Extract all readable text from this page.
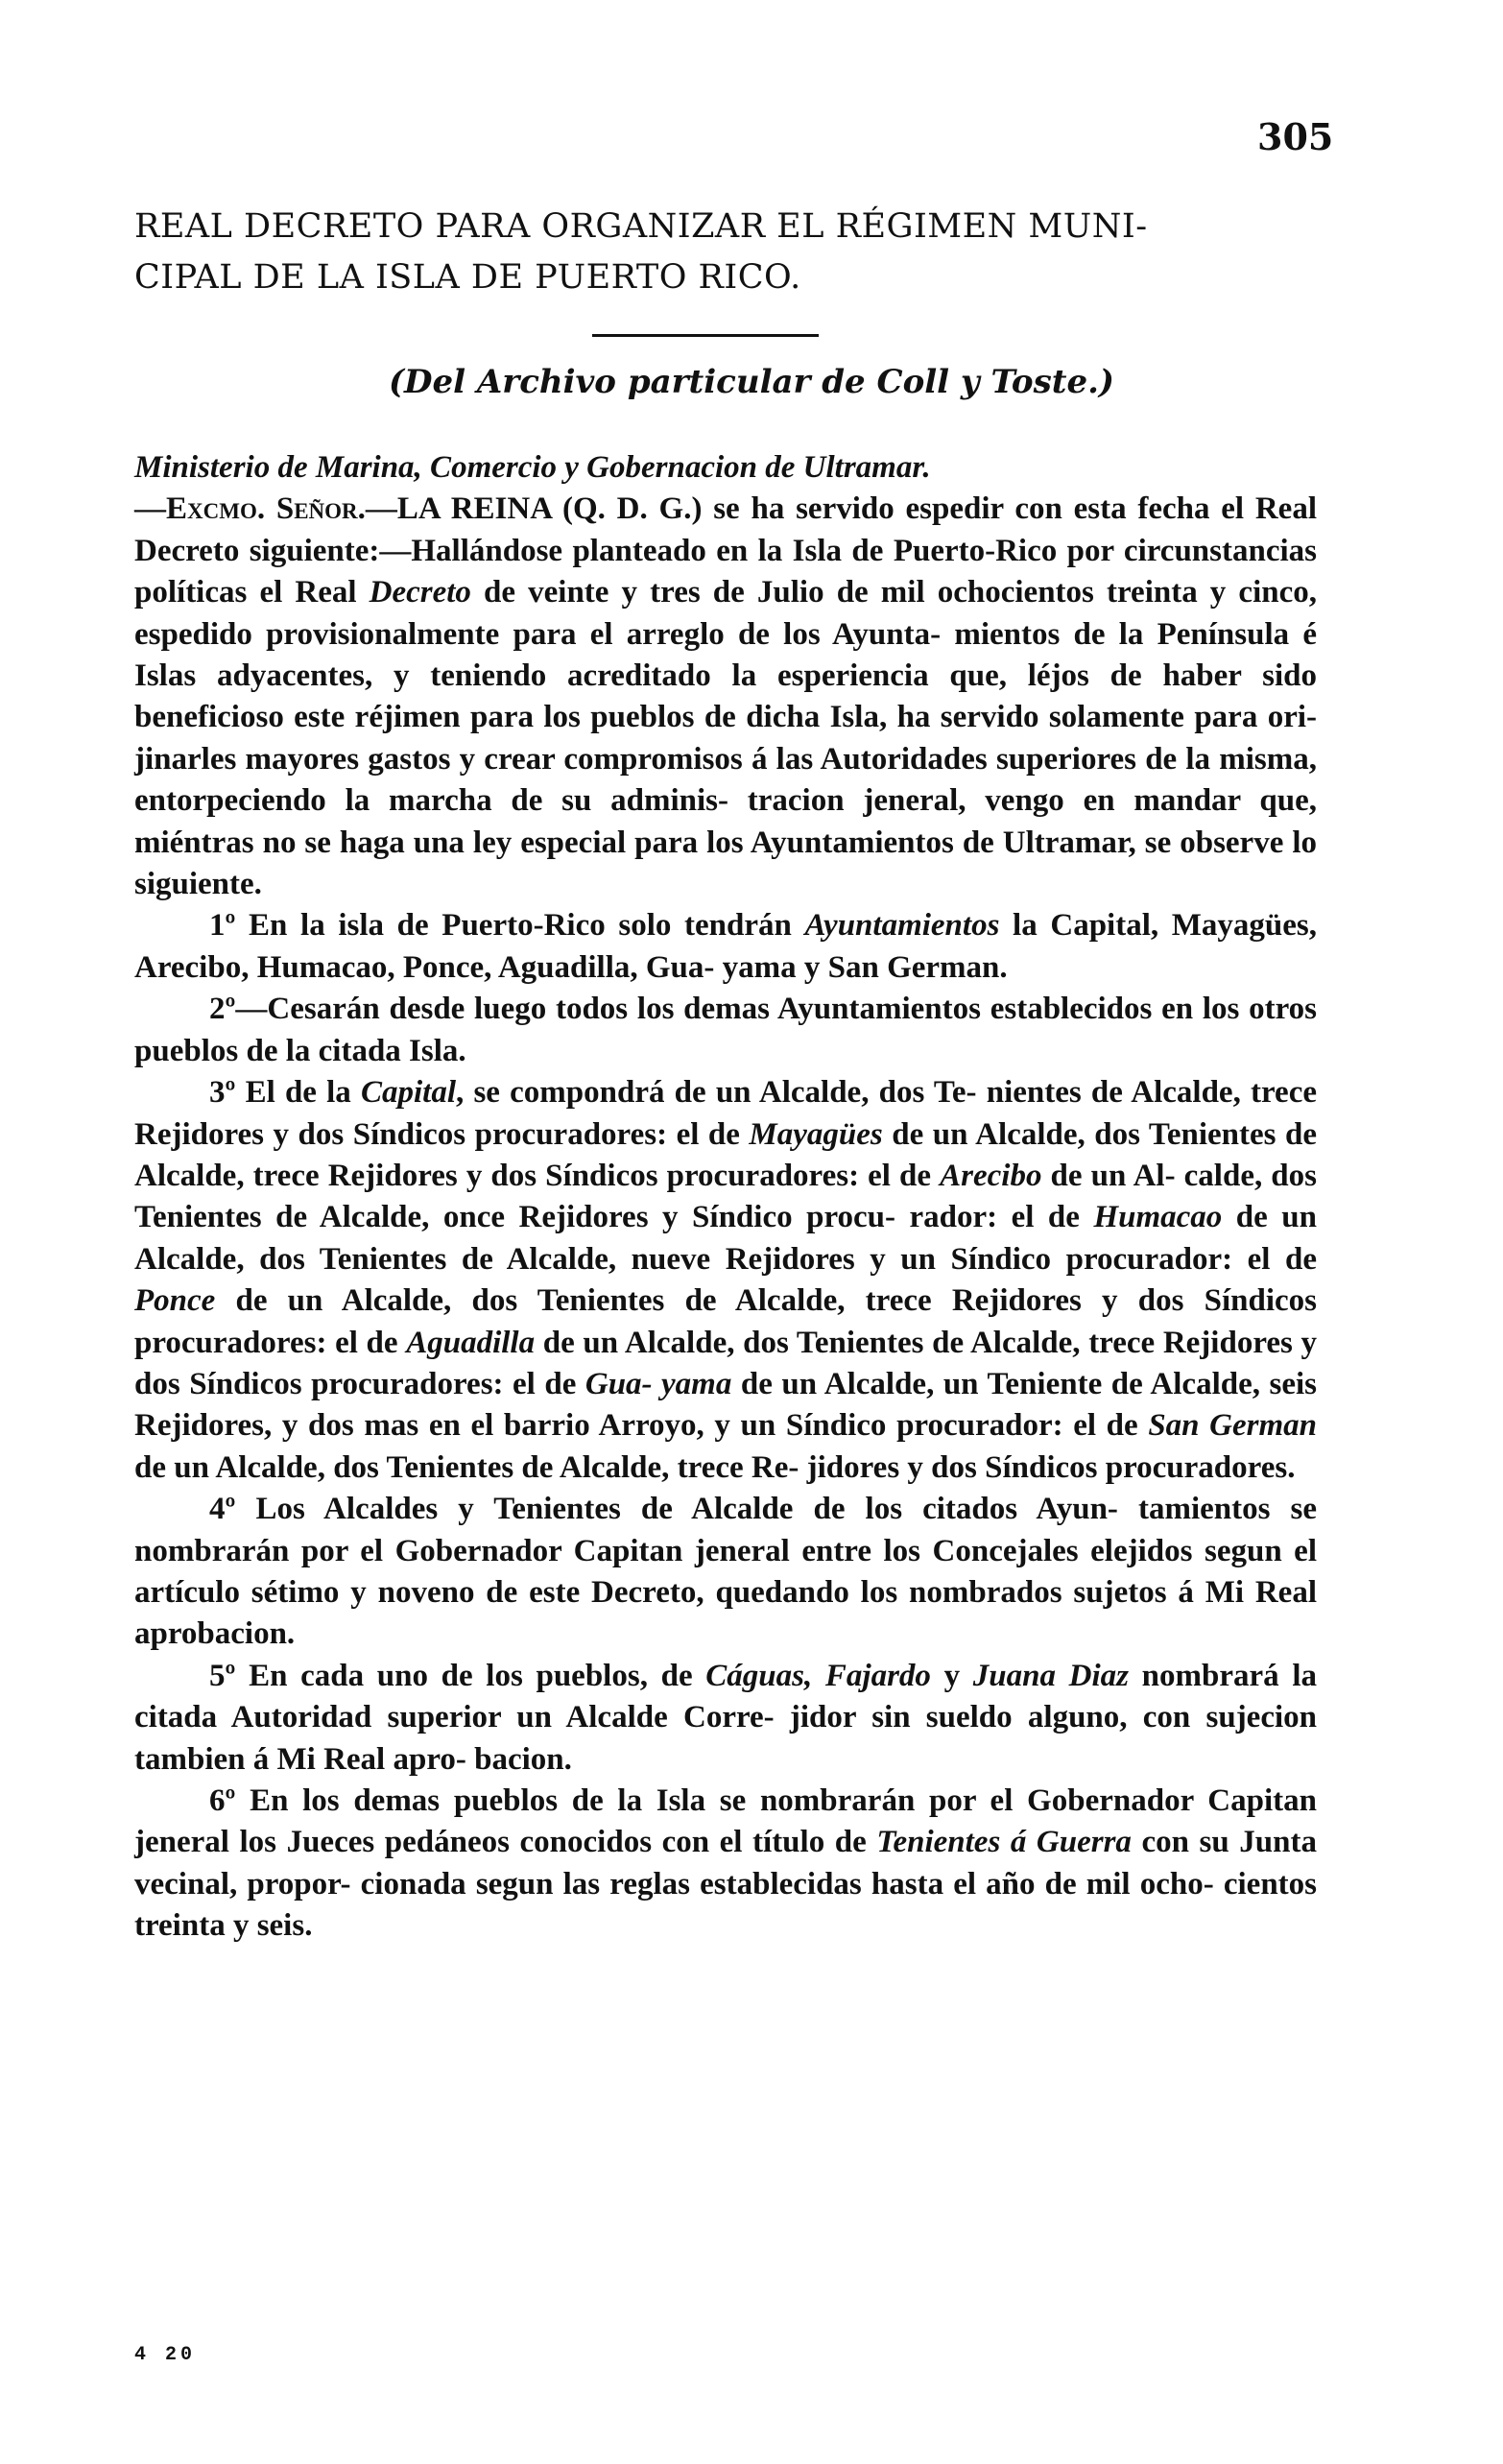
305
REAL DECRETO PARA ORGANIZAR EL RÉGIMEN MUNI-
CIPAL DE LA ISLA DE PUERTO RICO.
(Del Archivo particular de Coll y Toste.)

Ministerio de Marina, Comercio y Gobernacion de Ultramar.
—Excmo. Señor.—LA REINA (Q. D. G.) se ha servido espedir con esta fecha el Real Decreto siguiente:—Hallándose planteado en la Isla de Puerto-Rico por circunstancias políticas el Real Decreto de veinte y tres de Julio de mil ochocientos treinta y cinco, espedido provisionalmente para el arreglo de los Ayunta- mientos de la Península é Islas adyacentes, y teniendo acreditado la esperiencia que, léjos de haber sido beneficioso este réjimen para los pueblos de dicha Isla, ha servido solamente para ori- jinarles mayores gastos y crear compromisos á las Autoridades superiores de la misma, entorpeciendo la marcha de su adminis- tracion jeneral, vengo en mandar que, miéntras no se haga una ley especial para los Ayuntamientos de Ultramar, se observe lo siguiente.

1º En la isla de Puerto-Rico solo tendrán Ayuntamientos la Capital, Mayagües, Arecibo, Humacao, Ponce, Aguadilla, Gua- yama y San German.

2º—Cesarán desde luego todos los demas Ayuntamientos establecidos en los otros pueblos de la citada Isla.

3º El de la Capital, se compondrá de un Alcalde, dos Te- nientes de Alcalde, trece Rejidores y dos Síndicos procuradores: el de Mayagües de un Alcalde, dos Tenientes de Alcalde, trece Rejidores y dos Síndicos procuradores: el de Arecibo de un Al- calde, dos Tenientes de Alcalde, once Rejidores y Síndico procu- rador: el de Humacao de un Alcalde, dos Tenientes de Alcalde, nueve Rejidores y un Síndico procurador: el de Ponce de un Alcalde, dos Tenientes de Alcalde, trece Rejidores y dos Síndicos procuradores: el de Aguadilla de un Alcalde, dos Tenientes de Alcalde, trece Rejidores y dos Síndicos procuradores: el de Gua- yama de un Alcalde, un Teniente de Alcalde, seis Rejidores, y dos mas en el barrio Arroyo, y un Síndico procurador: el de San German de un Alcalde, dos Tenientes de Alcalde, trece Re- jidores y dos Síndicos procuradores.

4º Los Alcaldes y Tenientes de Alcalde de los citados Ayun- tamientos se nombrarán por el Gobernador Capitan jeneral entre los Concejales elejidos segun el artículo sétimo y noveno de este Decreto, quedando los nombrados sujetos á Mi Real aprobacion.

5º En cada uno de los pueblos, de Cáguas, Fajardo y Juana Diaz nombrará la citada Autoridad superior un Alcalde Corre- jidor sin sueldo alguno, con sujecion tambien á Mi Real apro- bacion.

6º En los demas pueblos de la Isla se nombrarán por el Gobernador Capitan jeneral los Jueces pedáneos conocidos con el título de Tenientes á Guerra con su Junta vecinal, propor- cionada segun las reglas establecidas hasta el año de mil ocho- cientos treinta y seis.

4 20
